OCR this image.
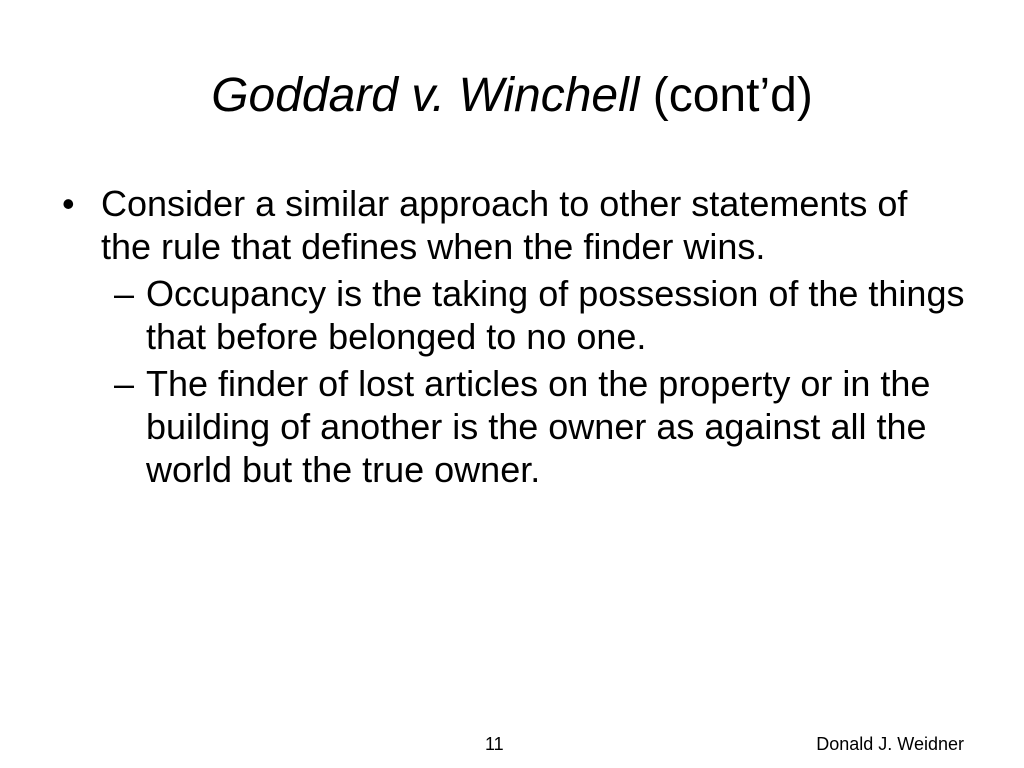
Goddard v. Winchell (cont’d)
• Consider a similar approach to other statements of the rule that defines when the finder wins.
– Occupancy is the taking of possession of the things that before belonged to no one.
– The finder of lost articles on the property or in the building of another is the owner as against all the world but the true owner.
11	Donald J. Weidner
